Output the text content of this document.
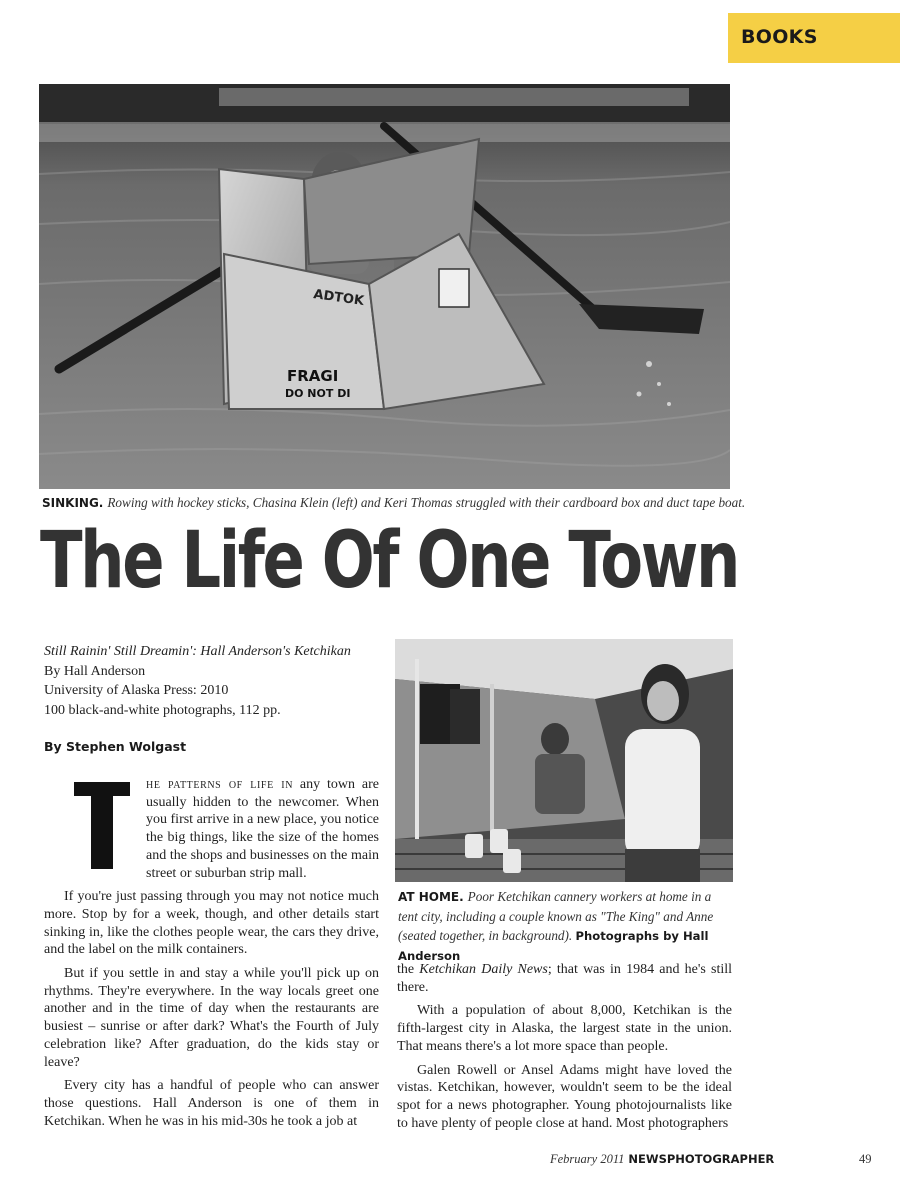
BOOKS
ADTOK
FRAGI
DO NOT DI
SINKING. Rowing with hockey sticks, Chasina Klein (left) and Keri Thomas struggled with their cardboard box and duct tape boat.
The Life Of One Town
Still Rainin' Still Dreamin': Hall Anderson's Ketchikan
By Hall Anderson
University of Alaska Press: 2010
100 black-and-white photographs, 112 pp.
By Stephen Wolgast

he patterns of life in any town are usually hidden to the newcomer. When you first arrive in a new place, you notice the big things, like the size of the homes and the shops and businesses on the main street or suburban strip mall.

If you're just passing through you may not notice much more. Stop by for a week, though, and other details start sinking in, like the clothes people wear, the cars they drive, and the label on the milk containers.

But if you settle in and stay a while you'll pick up on rhythms. They're everywhere. In the way locals greet one another and in the time of day when the restaurants are busiest – sunrise or after dark? What's the Fourth of July celebration like? After graduation, do the kids stay or leave?

Every city has a handful of people who can answer those questions. Hall Anderson is one of them in Ketchikan. When he was in his mid-30s he took a job at

AT HOME. Poor Ketchikan cannery workers at home in a tent city, including a couple known as "The King" and Anne (seated together, in background). Photographs by Hall Anderson

the Ketchikan Daily News; that was in 1984 and he's still there.

With a population of about 8,000, Ketchikan is the fifth-largest city in Alaska, the largest state in the union. That means there's a lot more space than people.

Galen Rowell or Ansel Adams might have loved the vistas. Ketchikan, however, wouldn't seem to be the ideal spot for a news photographer. Young photojournalists like to have plenty of people close at hand. Most photographers

February 2011 NEWSPHOTOGRAPHER	49
